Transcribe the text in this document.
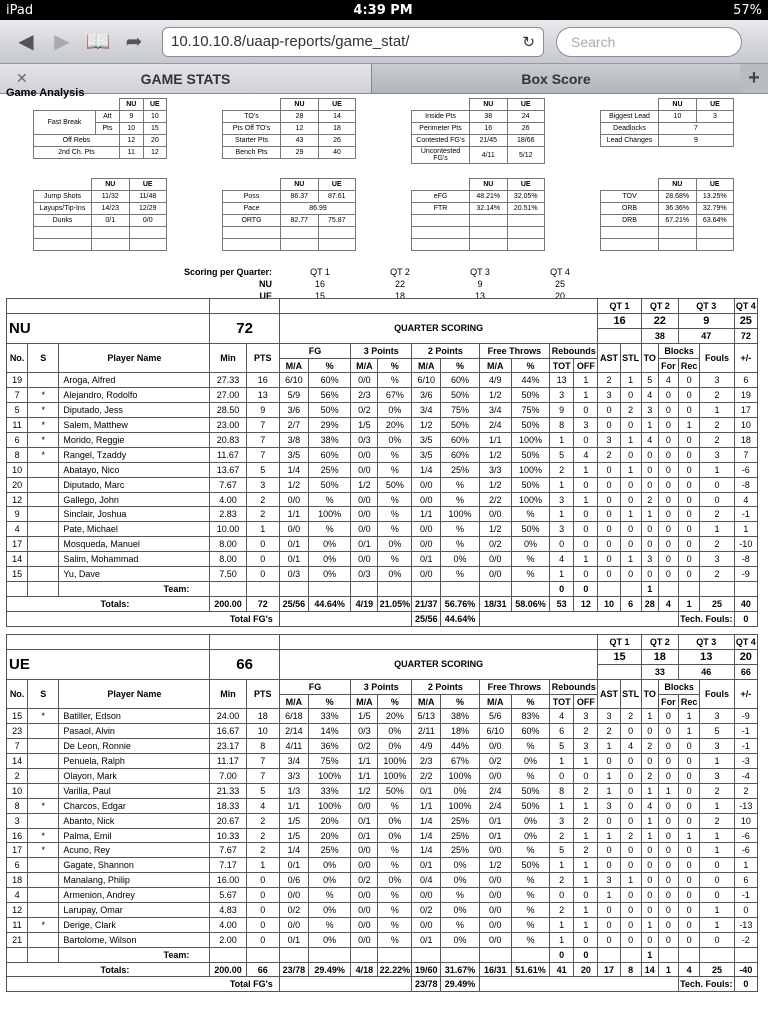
iPad	4:39 PM	57%
◀	▶ 📖 ➦	10.10.10.8/uaap-reports/game_stat/	↻	Search
✕	GAME STATS	Box Score	+
Game Analysis
		NU	UE
Fast Break	Att	9	10
	Pts	10	15
Off Rebs		12	20
2nd Ch. Pts		11	12
	NU	UE
TO's	28	14
Pts Off TO's	12	18
Starter Pts	43	26
Bench Pts	29	40
	NU	UE
Inside Pts	38	24
Perimeter Pts	16	26
Contested FG's	21/45	18/66
Uncontested FG's	4/11	5/12
	NU	UE
Biggest Lead	10	3
Deadlocks	7	
Lead Changes	9	
	NU	UE
Jump Shots	11/32	11/48
Layups/Tip-Ins	14/23	12/29
Dunks	0/1	0/0

	NU	UE
Poss	86.37	87.61
Pace	86.99	
ORTG	82.77	75.87

	NU	UE
eFG	48.21%	32.05%
FTR	32.14%	20.51%

	NU	UE
TOV	28.68%	13.25%
ORB	36.36%	32.79%
DRB	67.21%	63.64%

Scoring per Quarter:	QT 1	QT 2	QT 3	QT 4
NU	16	22	9	25
UE	15	18	13	20
															QT 1		QT 2		QT 3		QT 4
NU			72		QUARTER SCORING										16		22		9		25
																	38		47		72
No.	S	Player Name	Min	PTS	FG		3 Points		2 Points		Free Throws		Rebounds		AST	STL	TO	Blocks		Fouls	+/-
					M/A	%	M/A	%	M/A	%	M/A	%	TOT	OFF				For	Rec		
19		Aroga, Alfred	27.33	16	6/10	60%	0/0	%	6/10	60%	4/9	44%	13	1	2	1	5	4	0	3	6
7	*	Alejandro, Rodolfo	27.00	13	5/9	56%	2/3	67%	3/6	50%	1/2	50%	3	1	3	0	4	0	0	2	19
5	*	Diputado, Jess	28.50	9	3/6	50%	0/2	0%	3/4	75%	3/4	75%	9	0	0	2	3	0	0	1	17
11	*	Salem, Matthew	23.00	7	2/7	29%	1/5	20%	1/2	50%	2/4	50%	8	3	0	0	1	0	1	2	10
6	*	Morido, Reggie	20.83	7	3/8	38%	0/3	0%	3/5	60%	1/1	100%	1	0	3	1	4	0	0	2	18
8	*	Rangel, Tzaddy	11.67	7	3/5	60%	0/0	%	3/5	60%	1/2	50%	5	4	2	0	0	0	0	3	7
10		Abatayo, Nico	13.67	5	1/4	25%	0/0	%	1/4	25%	3/3	100%	2	1	0	1	0	0	0	1	-6
20		Diputado, Marc	7.67	3	1/2	50%	1/2	50%	0/0	%	1/2	50%	1	0	0	0	0	0	0	0	-8
12		Gallego, John	4.00	2	0/0	%	0/0	%	0/0	%	2/2	100%	3	1	0	0	2	0	0	0	4
9		Sinclair, Joshua	2.83	2	1/1	100%	0/0	%	1/1	100%	0/0	%	1	0	0	1	1	0	0	2	-1
4		Pate, Michael	10.00	1	0/0	%	0/0	%	0/0	%	1/2	50%	3	0	0	0	0	0	0	1	1
17		Mosqueda, Manuel	8.00	0	0/1	0%	0/1	0%	0/0	%	0/2	0%	0	0	0	0	0	0	0	2	-10
14		Salim, Mohammad	8.00	0	0/1	0%	0/0	%	0/1	0%	0/0	%	4	1	0	1	3	0	0	3	-8
15		Yu, Dave	7.50	0	0/3	0%	0/3	0%	0/0	%	0/0	%	1	0	0	0	0	0	0	2	-9
		Team:											0	0			1				
Totals:			200.00	72	25/56	44.64%	4/19	21.05%	21/37	56.76%	18/31	58.06%	53	12	10	6	28	4	1	25	40
Total FG's									25/56	44.64%									Tech. Fouls:		0
															QT 1		QT 2		QT 3		QT 4
UE			66		QUARTER SCORING										15		18		13		20
																	33		46		66
No.	S	Player Name	Min	PTS	FG		3 Points		2 Points		Free Throws		Rebounds		AST	STL	TO	Blocks		Fouls	+/-
					M/A	%	M/A	%	M/A	%	M/A	%	TOT	OFF				For	Rec		
15	*	Batiller, Edson	24.00	18	6/18	33%	1/5	20%	5/13	38%	5/6	83%	4	3	3	2	1	0	1	3	-9
23		Pasaol, Alvin	16.67	10	2/14	14%	0/3	0%	2/11	18%	6/10	60%	6	2	2	0	0	0	1	5	-1
7		De Leon, Ronnie	23.17	8	4/11	36%	0/2	0%	4/9	44%	0/0	%	5	3	1	4	2	0	0	3	-1
14		Penuela, Ralph	11.17	7	3/4	75%	1/1	100%	2/3	67%	0/2	0%	1	1	0	0	0	0	0	1	-3
2		Olayon, Mark	7.00	7	3/3	100%	1/1	100%	2/2	100%	0/0	%	0	0	1	0	2	0	0	3	-4
10		Varilla, Paul	21.33	5	1/3	33%	1/2	50%	0/1	0%	2/4	50%	8	2	1	0	1	1	0	2	2
8	*	Charcos, Edgar	18.33	4	1/1	100%	0/0	%	1/1	100%	2/4	50%	1	1	3	0	4	0	0	1	-13
3		Abanto, Nick	20.67	2	1/5	20%	0/1	0%	1/4	25%	0/1	0%	3	2	0	0	1	0	0	2	10
16	*	Palma, Emil	10.33	2	1/5	20%	0/1	0%	1/4	25%	0/1	0%	2	1	1	2	1	0	1	1	-6
17	*	Acuno, Rey	7.67	2	1/4	25%	0/0	%	1/4	25%	0/0	%	5	2	0	0	0	0	0	1	-6
6		Gagate, Shannon	7.17	1	0/1	0%	0/0	%	0/1	0%	1/2	50%	1	1	0	0	0	0	0	0	1
18		Manalang, Philip	16.00	0	0/6	0%	0/2	0%	0/4	0%	0/0	%	2	1	3	1	0	0	0	0	6
4		Armenion, Andrey	5.67	0	0/0	%	0/0	%	0/0	%	0/0	%	0	0	1	0	0	0	0	0	-1
12		Larupay, Omar	4.83	0	0/2	0%	0/0	%	0/2	0%	0/0	%	2	1	0	0	0	0	0	1	0
11	*	Derige, Clark	4.00	0	0/0	%	0/0	%	0/0	%	0/0	%	1	1	0	0	1	0	0	1	-13
21		Bartolome, Wilson	2.00	0	0/1	0%	0/0	%	0/1	0%	0/0	%	1	0	0	0	0	0	0	0	-2
		Team:											0	0			1				
Totals:			200.00	66	23/78	29.49%	4/18	22.22%	19/60	31.67%	16/31	51.61%	41	20	17	8	14	1	4	25	-40
Total FG's									23/78	29.49%									Tech. Fouls:		0
